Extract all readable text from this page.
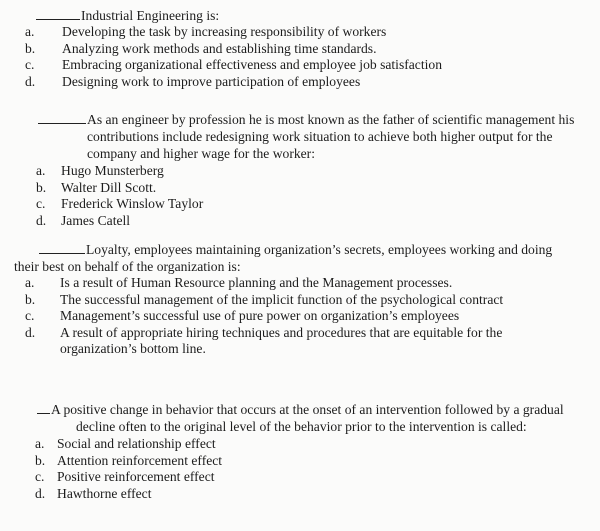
Industrial Engineering is:

a. Developing the task by increasing responsibility of workers
b. Analyzing work methods and establishing time standards.
c. Embracing organizational effectiveness and employee job satisfaction
d. Designing work to improve participation of employees

As an engineer by profession he is most known as the father of scientific management his contributions include redesigning work situation to achieve both higher output for the company and higher wage for the worker:

a. Hugo Munsterberg
b. Walter Dill Scott.
c. Frederick Winslow Taylor
d. James Catell

Loyalty, employees maintaining organization’s secrets, employees working and doing their best on behalf of the organization is:

a. Is a result of Human Resource planning and the Management processes.
b. The successful management of the implicit function of the psychological contract
c. Management’s successful use of pure power on organization’s employees
d. A result of appropriate hiring techniques and procedures that are equitable for the organization’s bottom line.

A positive change in behavior that occurs at the onset of an intervention followed by a gradual decline often to the original level of the behavior prior to the intervention is called:

a. Social and relationship effect
b. Attention reinforcement effect
c. Positive reinforcement effect
d. Hawthorne effect
